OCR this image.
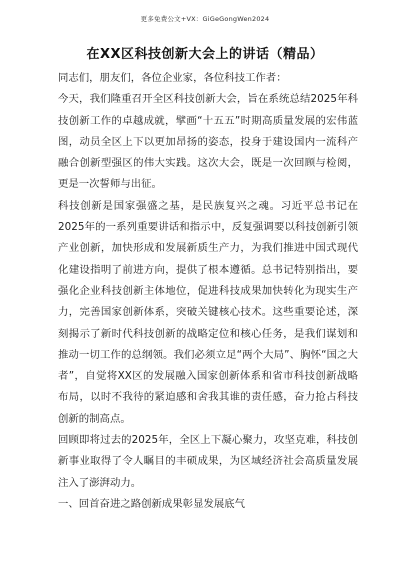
更多免费公文+VX：GiGeGongWen2024
在XX区科技创新大会上的讲话（精品）

同志们，朋友们，各位企业家，各位科技工作者：

今天，我们隆重召开全区科技创新大会，旨在系统总结2025年科技创新工作的卓越成就，擘画“十五五”时期高质量发展的宏伟蓝图，动员全区上下以更加昂扬的姿态，投身于建设国内一流科产融合创新型强区的伟大实践。这次大会，既是一次回顾与检阅，更是一次誓师与出征。

科技创新是国家强盛之基，是民族复兴之魂。习近平总书记在2025年的一系列重要讲话和指示中，反复强调要以科技创新引领产业创新，加快形成和发展新质生产力，为我们推进中国式现代化建设指明了前进方向，提供了根本遵循。总书记特别指出，要强化企业科技创新主体地位，促进科技成果加快转化为现实生产力，完善国家创新体系，突破关键核心技术。这些重要论述，深刻揭示了新时代科技创新的战略定位和核心任务，是我们谋划和推动一切工作的总纲领。我们必须立足“两个大局”、胸怀“国之大者”，自觉将XX区的发展融入国家创新体系和省市科技创新战略布局，以时不我待的紧迫感和舍我其谁的责任感，奋力抢占科技创新的制高点。

回顾即将过去的2025年，全区上下凝心聚力，攻坚克难，科技创新事业取得了令人瞩目的丰硕成果，为区域经济社会高质量发展注入了澎湃动力。

一、回首奋进之路创新成果彰显发展底气
